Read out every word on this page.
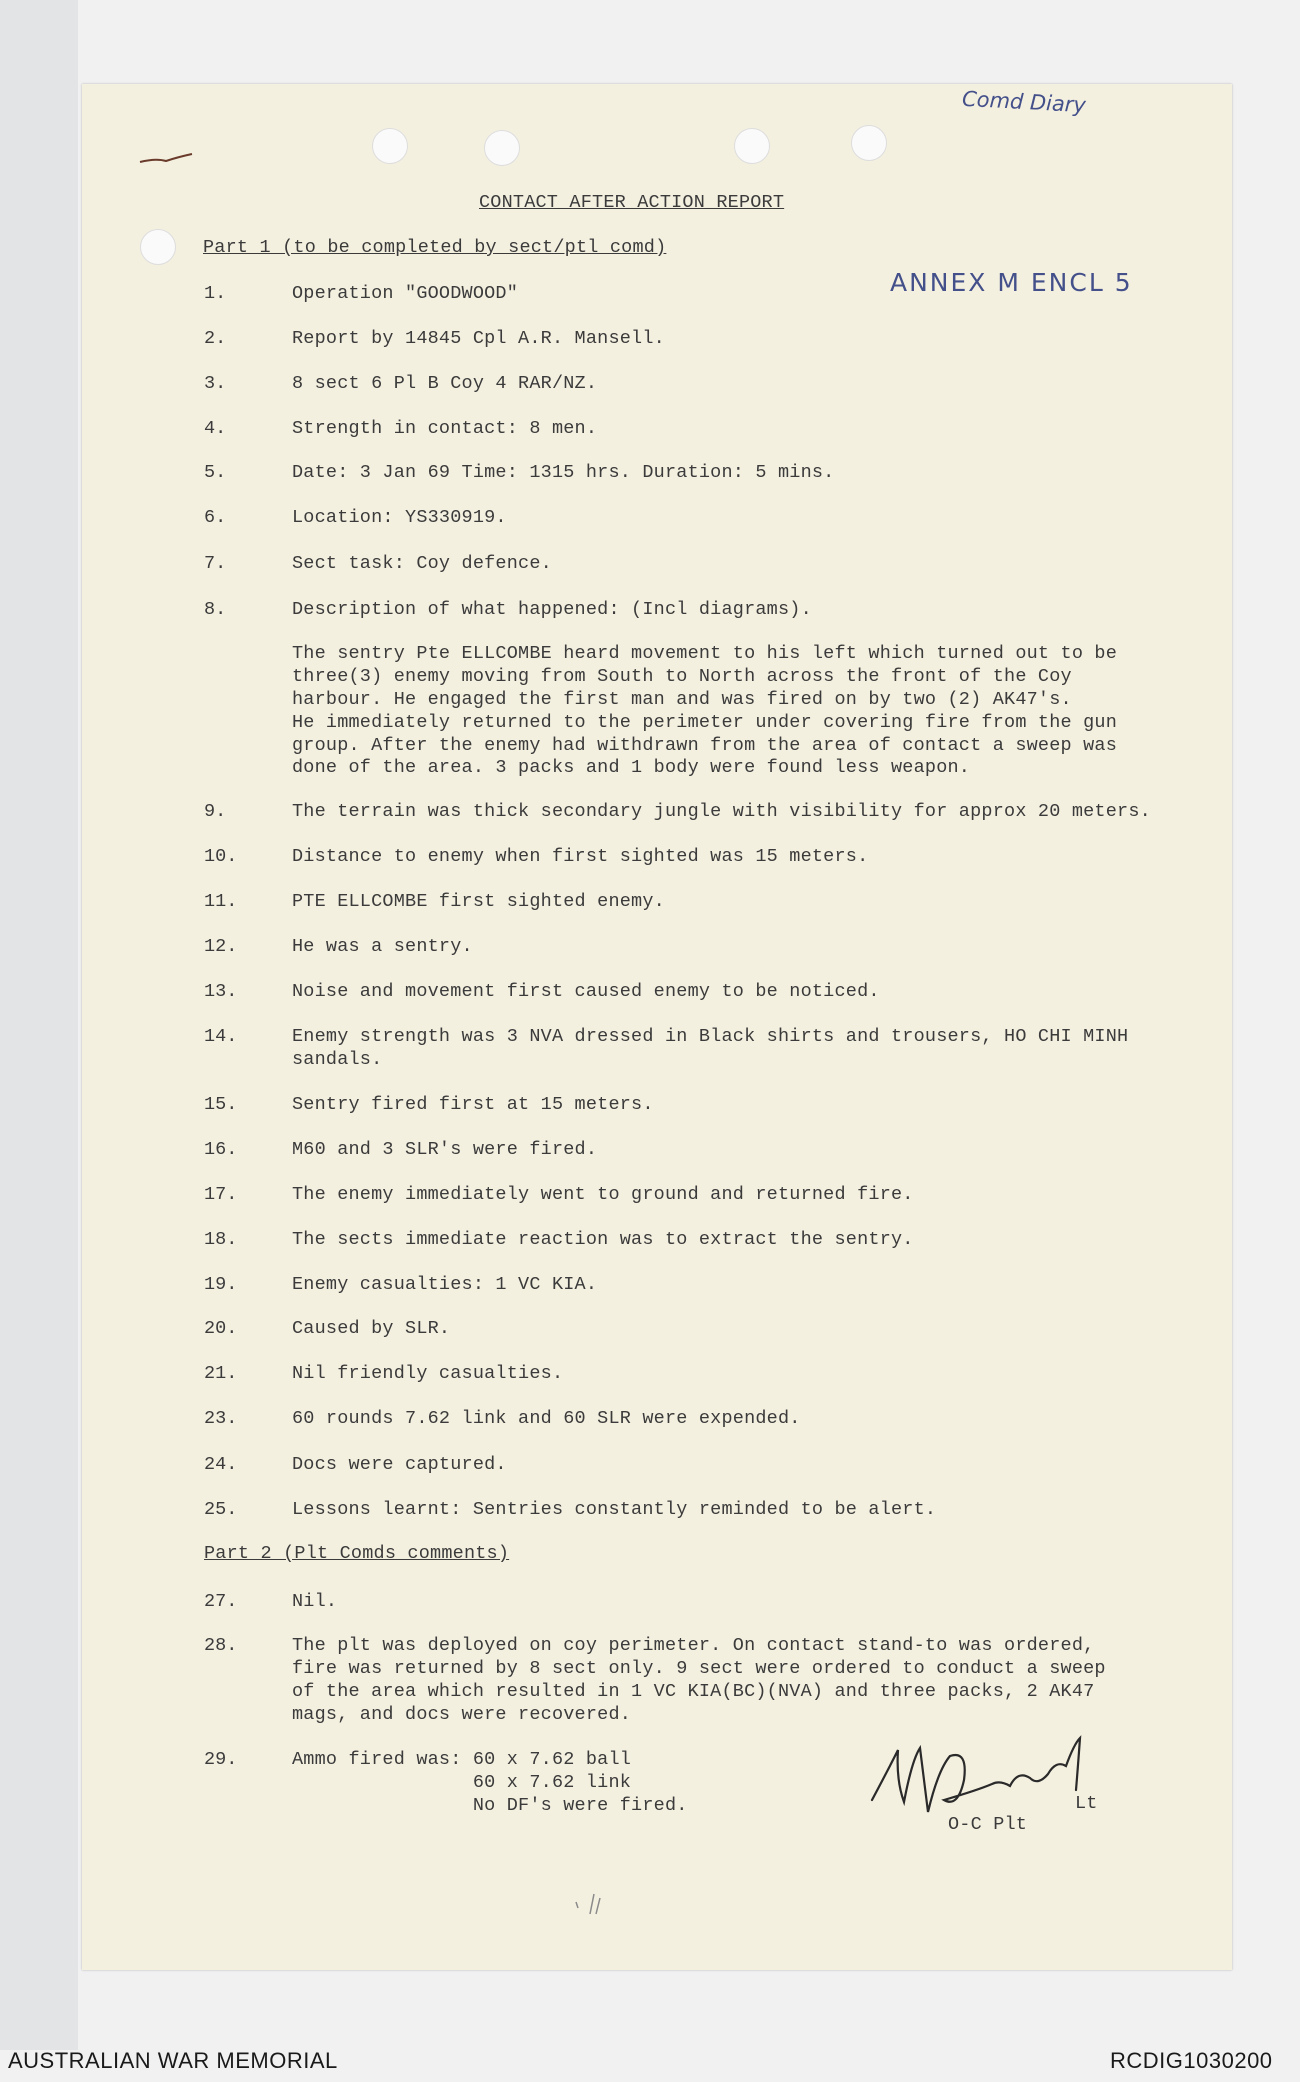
Comd Diary
ANNEX M ENCL 5
CONTACT AFTER ACTION REPORT
Part 1 (to be completed by sect/ptl comd)
1.	Operation "GOODWOOD"
2.	Report by 14845 Cpl A.R. Mansell.
3.	8 sect 6 Pl B Coy 4 RAR/NZ.
4.	Strength in contact: 8 men.
5.	Date: 3 Jan 69 Time: 1315 hrs. Duration: 5 mins.
6.	Location: YS330919.
7.	Sect task: Coy defence.
8.	Description of what happened: (Incl diagrams).
The sentry Pte ELLCOMBE heard movement to his left which turned out to be
three(3) enemy moving from South to North across the front of the Coy
harbour. He engaged the first man and was fired on by two (2) AK47's.
He immediately returned to the perimeter under covering fire from the gun
group. After the enemy had withdrawn from the area of contact a sweep was
done of the area. 3 packs and 1 body were found less weapon.
9.	The terrain was thick secondary jungle with visibility for approx 20 meters.
10.	Distance to enemy when first sighted was 15 meters.
11.	PTE ELLCOMBE first sighted enemy.
12.	He was a sentry.
13.	Noise and movement first caused enemy to be noticed.
14.	Enemy strength was 3 NVA dressed in Black shirts and trousers, HO CHI MINH
sandals.
15.	Sentry fired first at 15 meters.
16.	M60 and 3 SLR's were fired.
17.	The enemy immediately went to ground and returned fire.
18.	The sects immediate reaction was to extract the sentry.
19.	Enemy casualties: 1 VC KIA.
20.	Caused by SLR.
21.	Nil friendly casualties.
23.	60 rounds 7.62 link and 60 SLR were expended.
24.	Docs were captured.
25.	Lessons learnt: Sentries constantly reminded to be alert.
Part 2 (Plt Comds comments)
27.	Nil.
28.	The plt was deployed on coy perimeter. On contact stand-to was ordered,
fire was returned by 8 sect only. 9 sect were ordered to conduct a sweep
of the area which resulted in 1 VC KIA(BC)(NVA) and three packs, 2 AK47
mags, and docs were recovered.
29.	Ammo fired was: 60 x 7.62 ball
60 x 7.62 link
No DF's were fired.	Lt
O-C Plt
AUSTRALIAN WAR MEMORIAL	RCDIG1030200
